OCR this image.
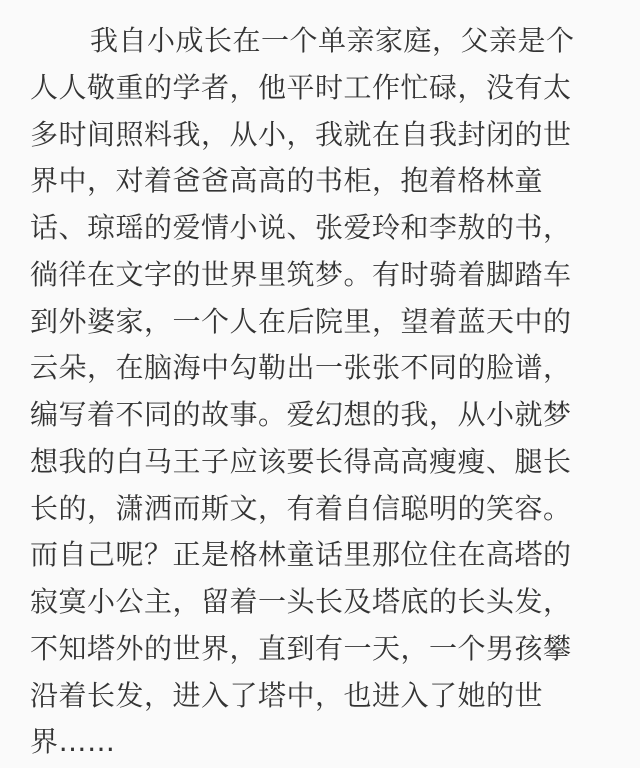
我自小成长在一个单亲家庭，父亲是个
人人敬重的学者，他平时工作忙碌，没有太
多时间照料我，从小，我就在自我封闭的世
界中，对着爸爸高高的书柜，抱着格林童
话、琼瑶的爱情小说、张爱玲和李敖的书，
徜徉在文字的世界里筑梦。有时骑着脚踏车
到外婆家，一个人在后院里，望着蓝天中的
云朵，在脑海中勾勒出一张张不同的脸谱，
编写着不同的故事。爱幻想的我，从小就梦
想我的白马王子应该要长得高高瘦瘦、腿长
长的，潇洒而斯文，有着自信聪明的笑容。
而自己呢？正是格林童话里那位住在高塔的
寂寞小公主，留着一头长及塔底的长头发，
不知塔外的世界，直到有一天，一个男孩攀
沿着长发，进入了塔中，也进入了她的世
界……
